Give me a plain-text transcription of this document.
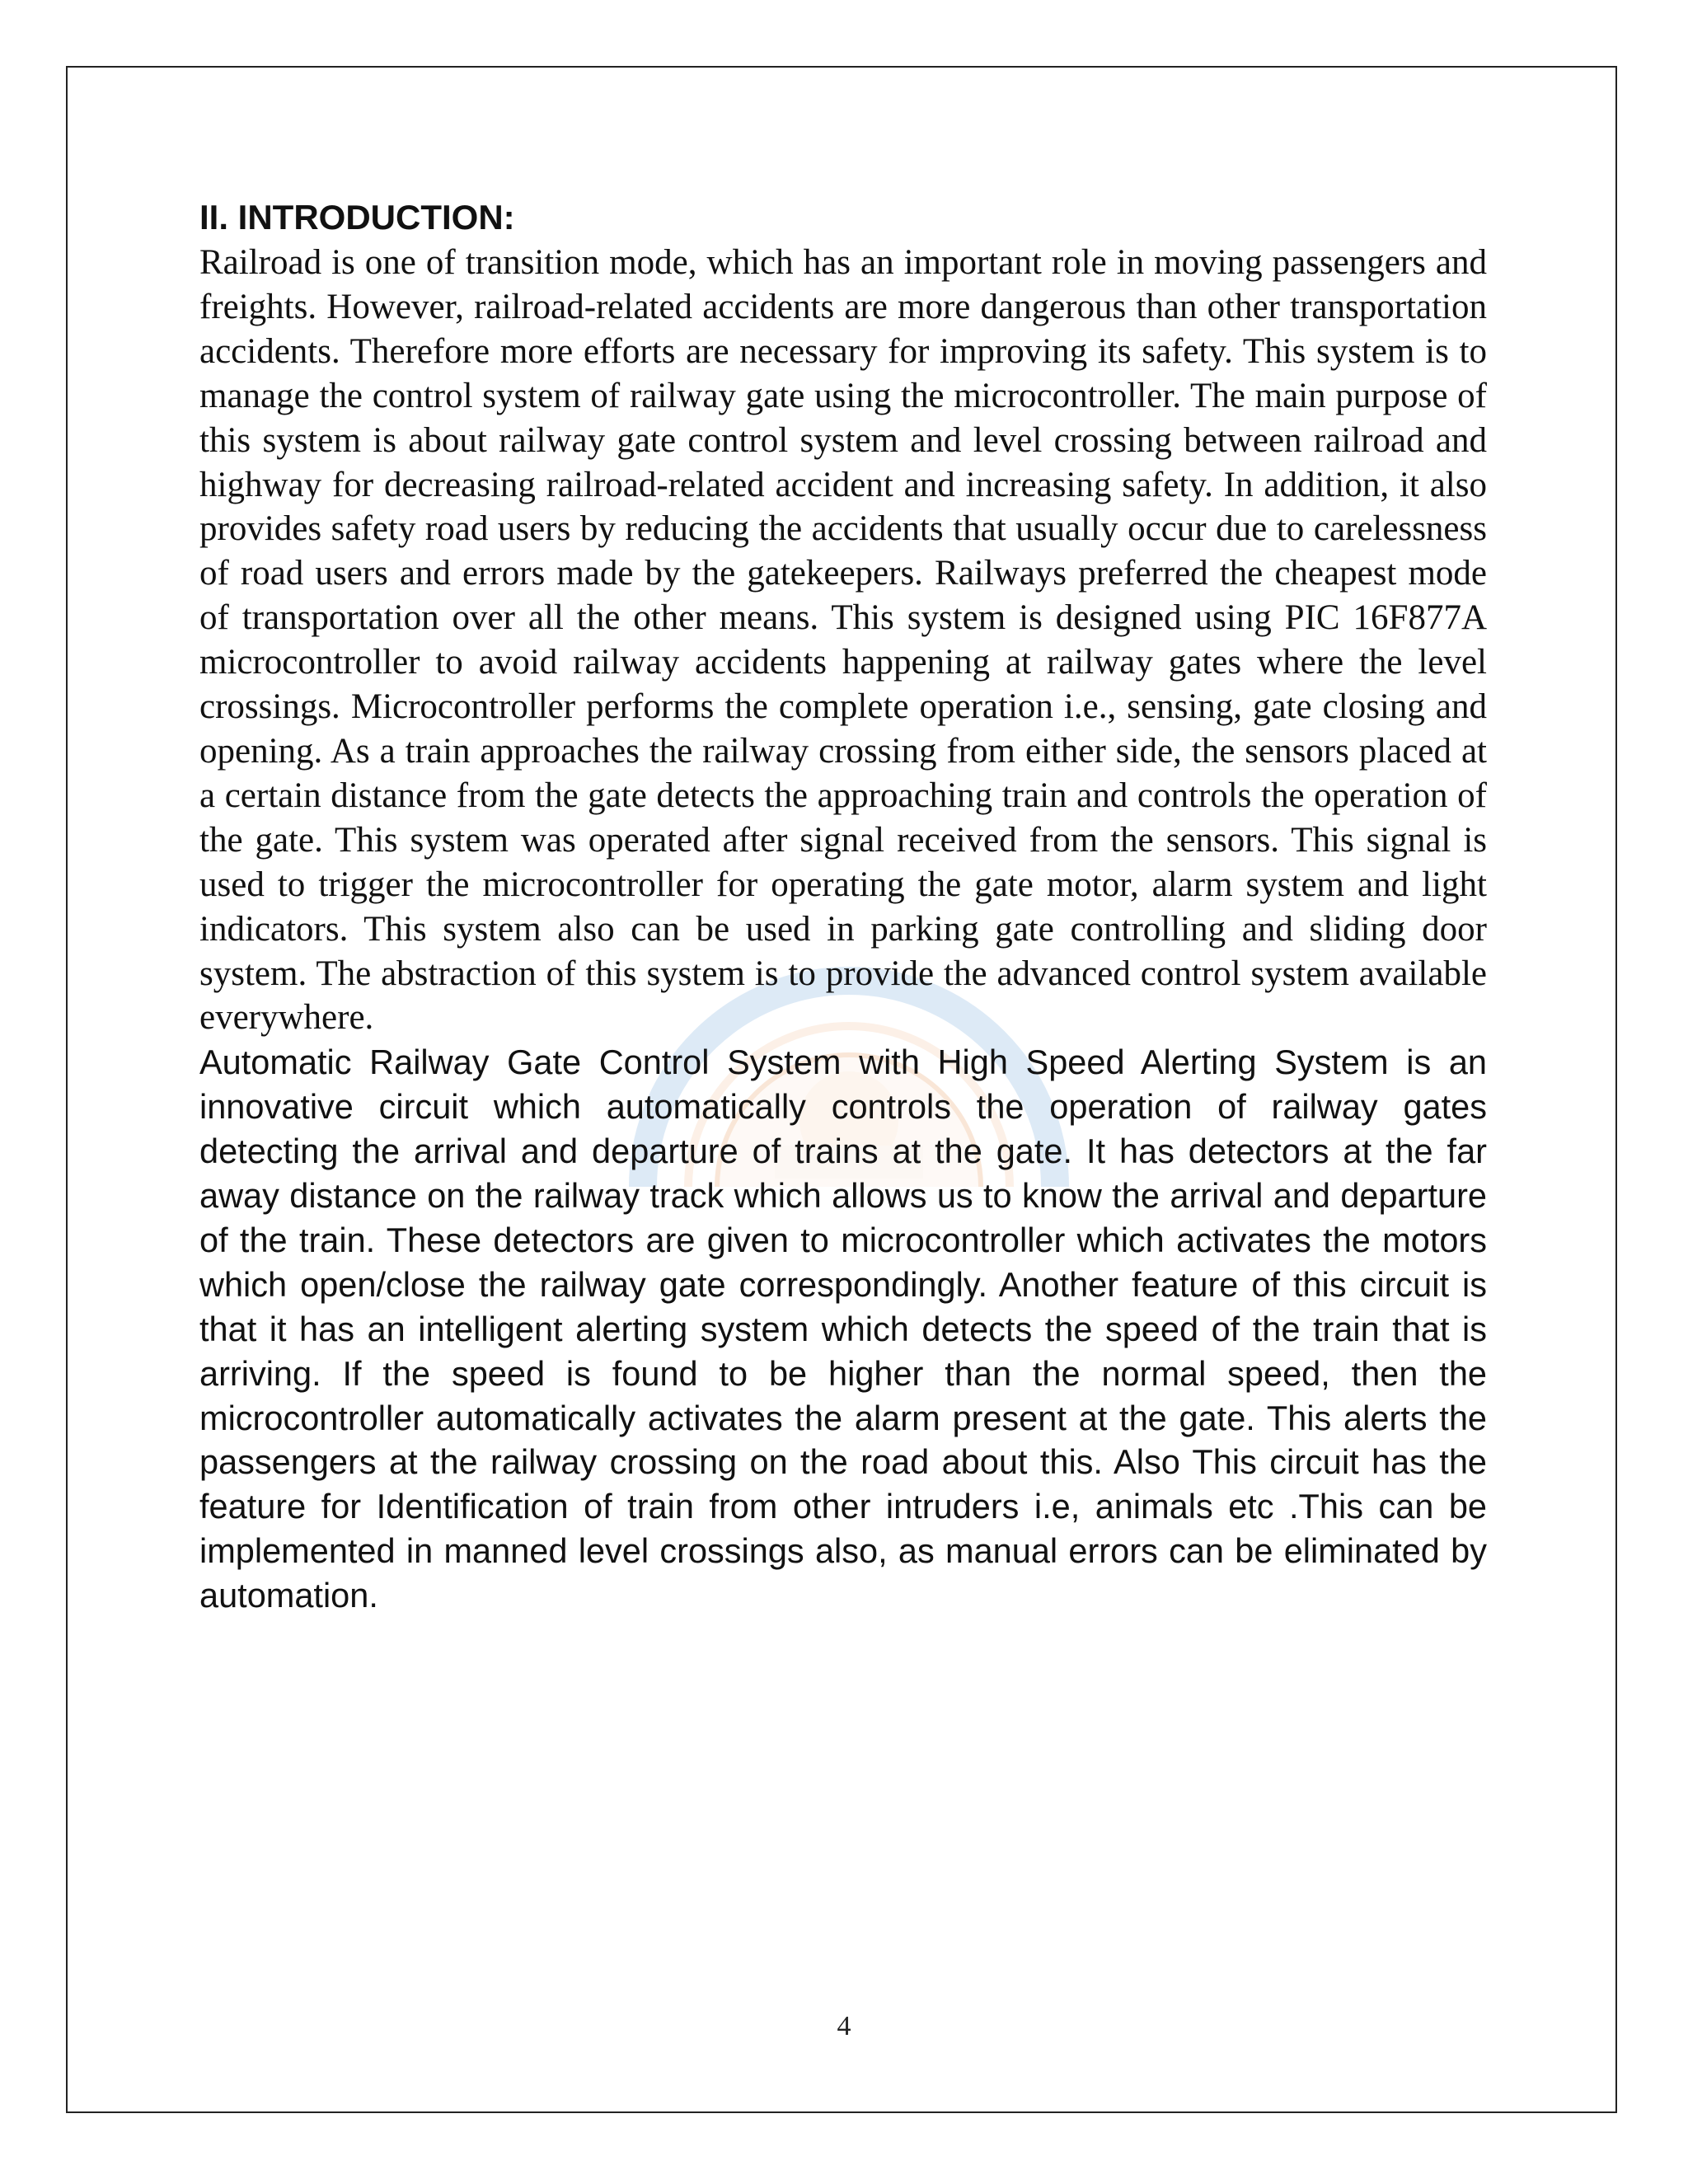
II. INTRODUCTION:

Railroad is one of transition mode, which has an important role in moving passengers and freights. However, railroad-related accidents are more dangerous than other transportation accidents. Therefore more efforts are necessary for improving its safety. This system is to manage the control system of railway gate using the microcontroller. The main purpose of this system is about railway gate control system and level crossing between railroad and highway for decreasing railroad-related accident and increasing safety. In addition, it also provides safety road users by reducing the accidents that usually occur due to carelessness of road users and errors made by the gatekeepers. Railways preferred the cheapest mode of transportation over all the other means. This system is designed using PIC 16F877A microcontroller to avoid railway accidents happening at railway gates where the level crossings. Microcontroller performs the complete operation i.e., sensing, gate closing and opening. As a train approaches the railway crossing from either side, the sensors placed at a certain distance from the gate detects the approaching train and controls the operation of the gate. This system was operated after signal received from the sensors. This signal is used to trigger the microcontroller for operating the gate motor, alarm system and light indicators. This system also can be used in parking gate controlling and sliding door system. The abstraction of this system is to provide the advanced control system available everywhere.

Automatic Railway Gate Control System with High Speed Alerting System is an innovative circuit which automatically controls the operation of railway gates detecting the arrival and departure of trains at the gate. It has detectors at the far away distance on the railway track which allows us to know the arrival and departure of the train. These detectors are given to microcontroller which activates the motors which open/close the railway gate correspondingly. Another feature of this circuit is that it has an intelligent alerting system which detects the speed of the train that is arriving. If the speed is found to be higher than the normal speed, then the microcontroller automatically activates the alarm present at the gate. This alerts the passengers at the railway crossing on the road about this. Also This circuit has the feature for Identification of train from other intruders i.e, animals etc .This can be implemented in manned level crossings also, as manual errors can be eliminated by automation.

4
